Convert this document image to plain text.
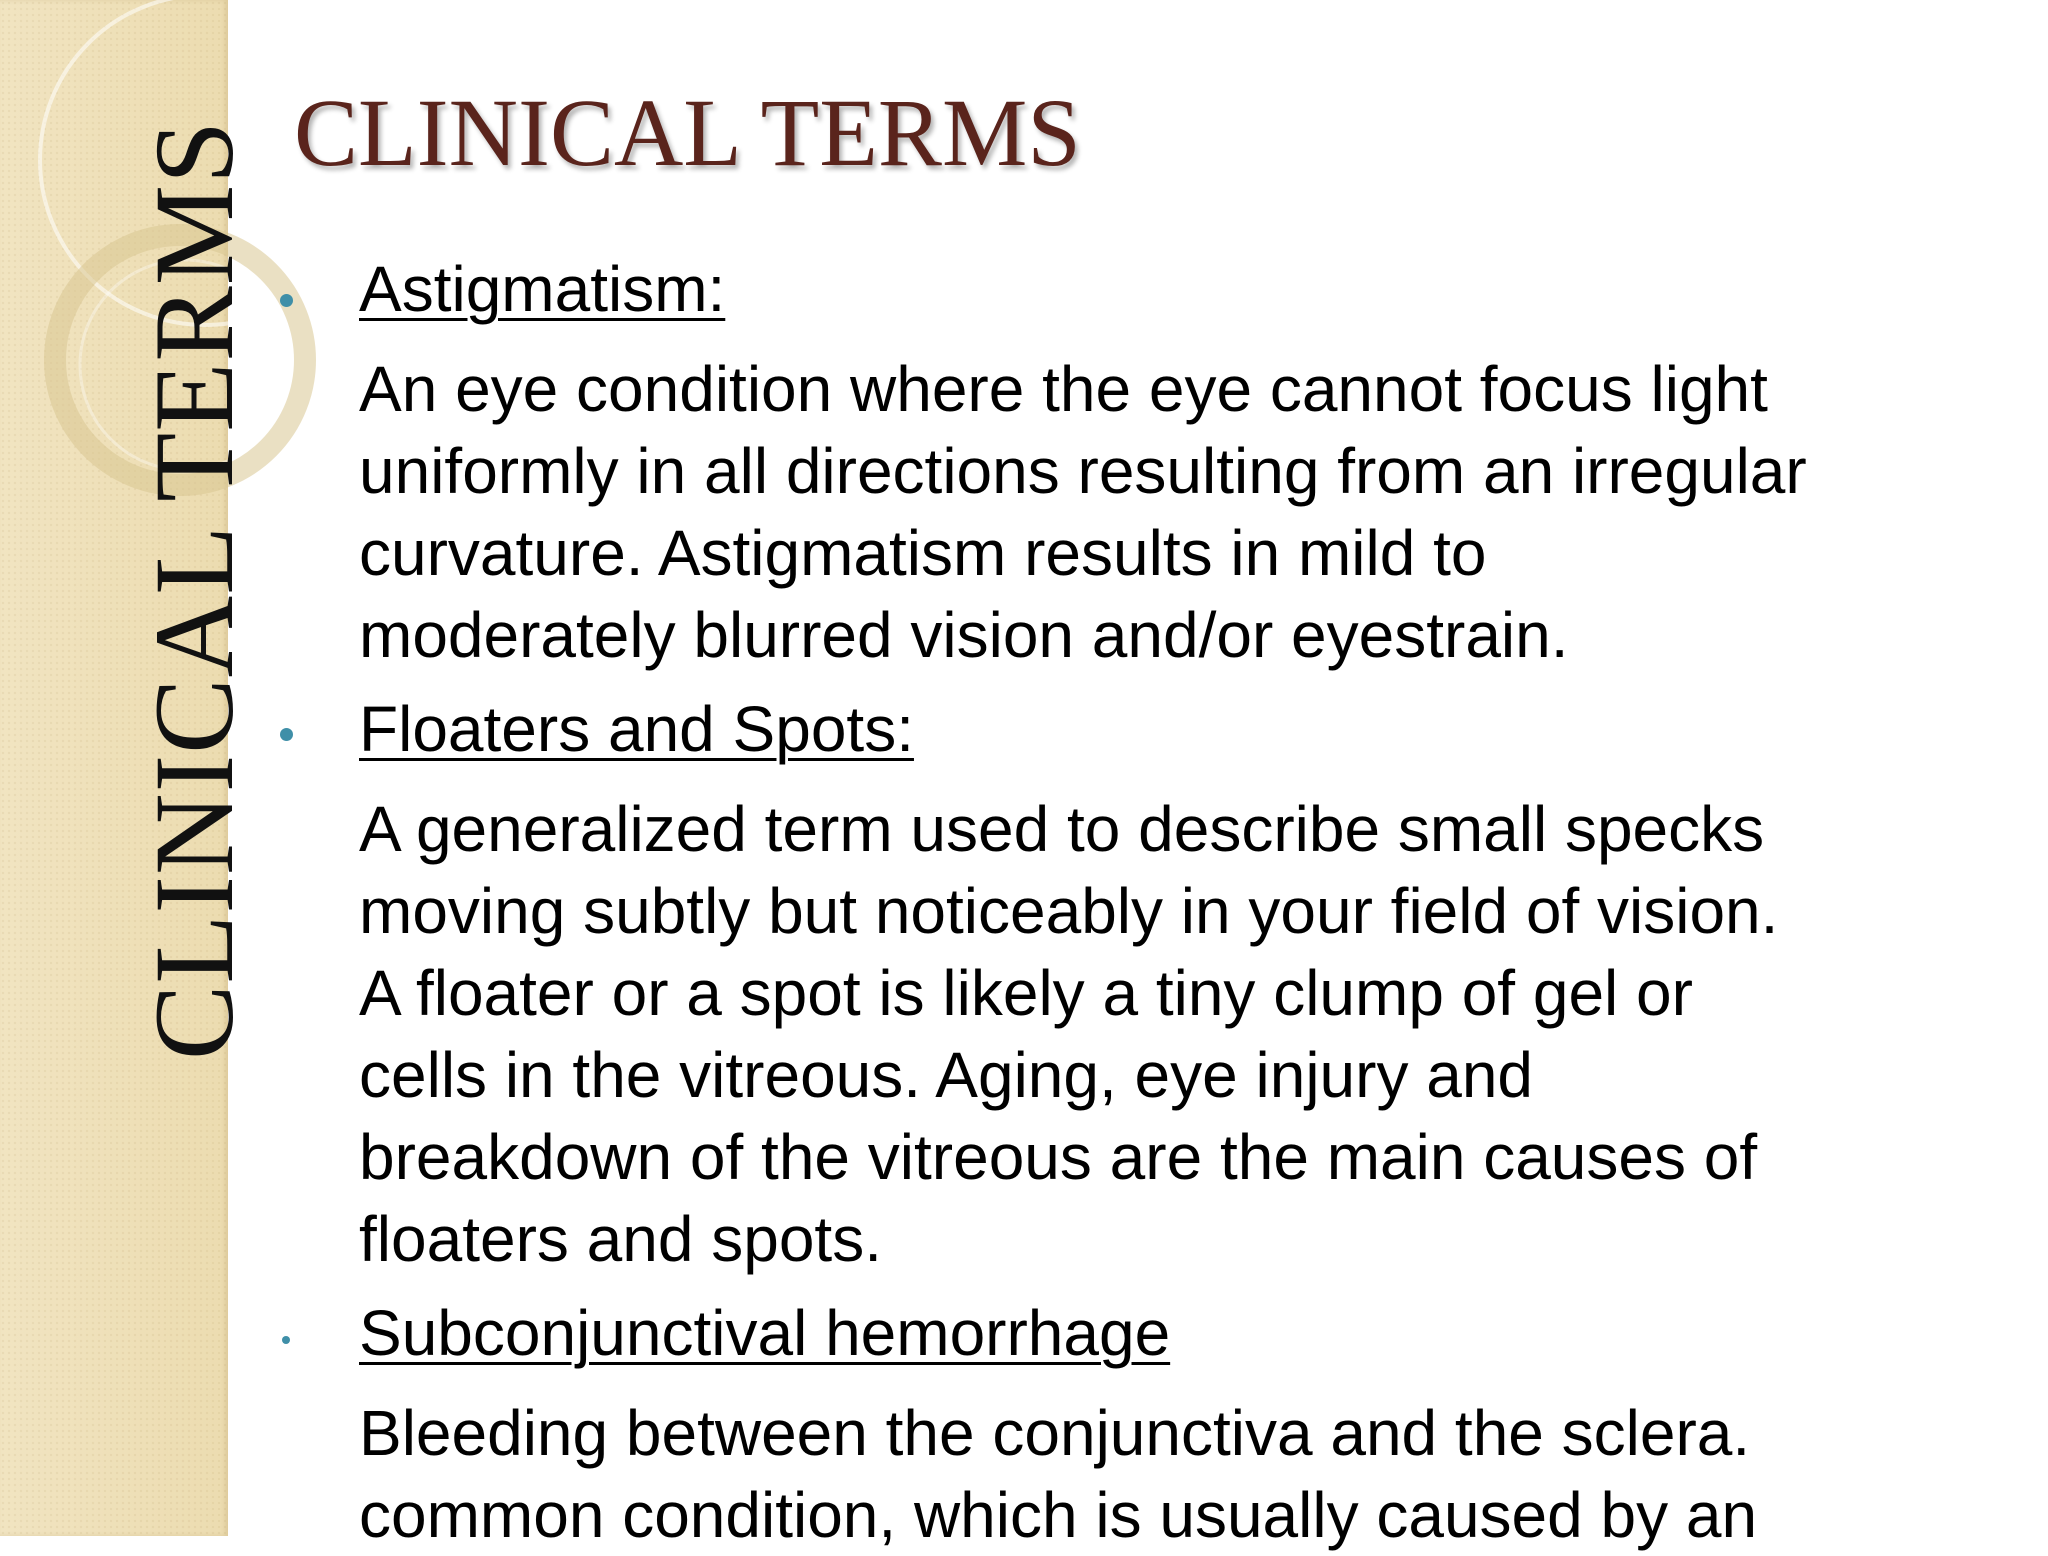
CLINICAL TERMS CLINICAL TERMS
Astigmatism:
An eye condition where the eye cannot focus light
uniformly in all directions resulting from an irregular
curvature. Astigmatism results in mild to
moderately blurred vision and/or eyestrain.
Floaters and Spots:
A generalized term used to describe small specks
moving subtly but noticeably in your field of vision.
A floater or a spot is likely a tiny clump of gel or
cells in the vitreous. Aging, eye injury and
breakdown of the vitreous are the main causes of
floaters and spots.
Subconjunctival hemorrhage
Bleeding between the conjunctiva and the sclera.
common condition, which is usually caused by an
